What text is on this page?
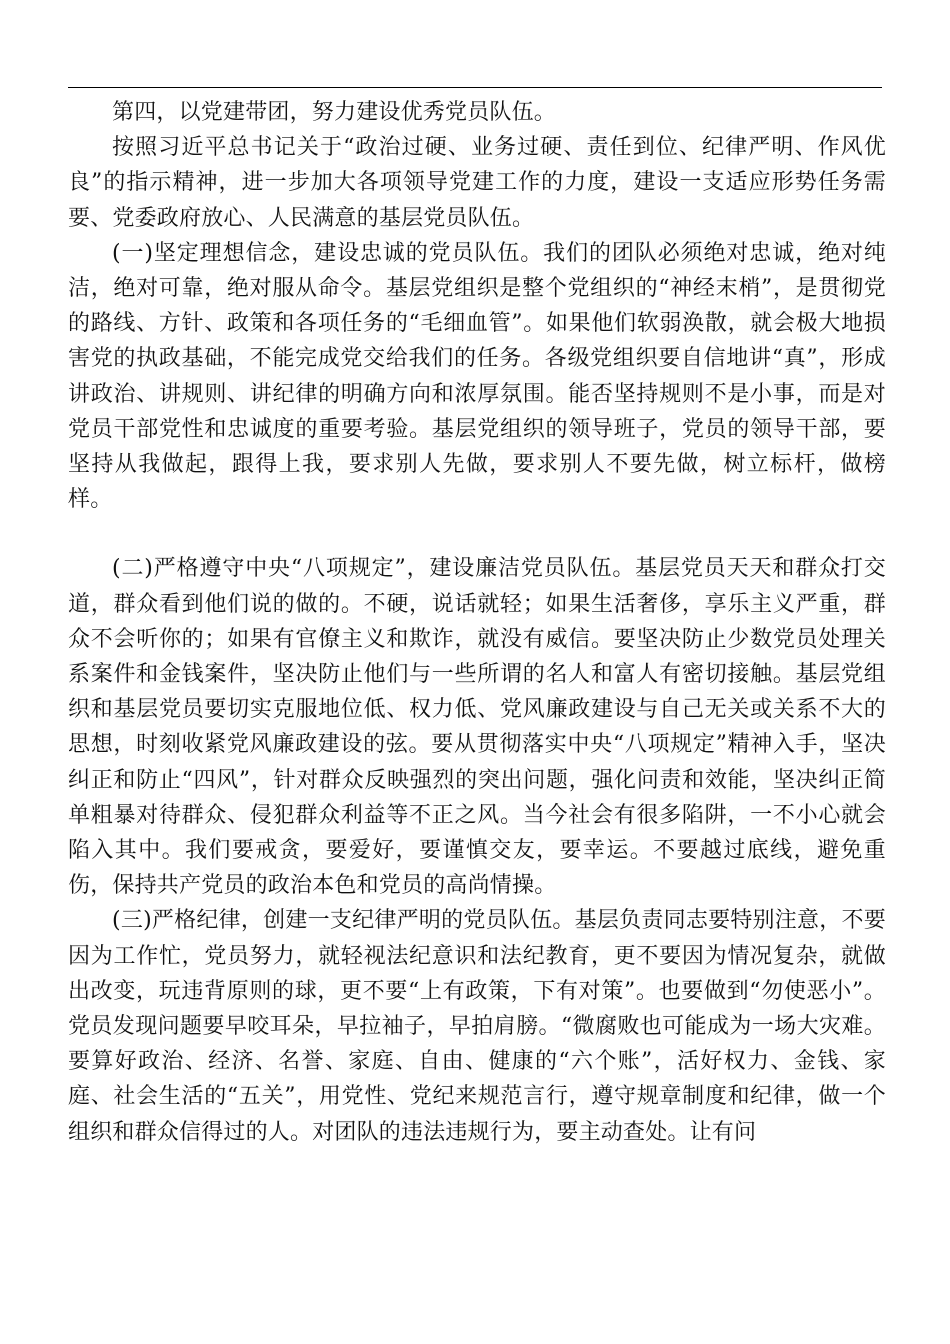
第四，以党建带团，努力建设优秀党员队伍。

按照习近平总书记关于“政治过硬、业务过硬、责任到位、纪律严明、作风优良”的指示精神，进一步加大各项领导党建工作的力度，建设一支适应形势任务需要、党委政府放心、人民满意的基层党员队伍。

(一)坚定理想信念，建设忠诚的党员队伍。我们的团队必须绝对忠诚，绝对纯洁，绝对可靠，绝对服从命令。基层党组织是整个党组织的“神经末梢”，是贯彻党的路线、方针、政策和各项任务的“毛细血管”。如果他们软弱涣散，就会极大地损害党的执政基础，不能完成党交给我们的任务。各级党组织要自信地讲“真”，形成讲政治、讲规则、讲纪律的明确方向和浓厚氛围。能否坚持规则不是小事，而是对党员干部党性和忠诚度的重要考验。基层党组织的领导班子，党员的领导干部，要坚持从我做起，跟得上我，要求别人先做，要求别人不要先做，树立标杆，做榜样。

(二)严格遵守中央“八项规定”，建设廉洁党员队伍。基层党员天天和群众打交道，群众看到他们说的做的。不硬，说话就轻；如果生活奢侈，享乐主义严重，群众不会听你的；如果有官僚主义和欺诈，就没有威信。要坚决防止少数党员处理关系案件和金钱案件，坚决防止他们与一些所谓的名人和富人有密切接触。基层党组织和基层党员要切实克服地位低、权力低、党风廉政建设与自己无关或关系不大的思想，时刻收紧党风廉政建设的弦。要从贯彻落实中央“八项规定”精神入手，坚决纠正和防止“四风”，针对群众反映强烈的突出问题，强化问责和效能，坚决纠正简单粗暴对待群众、侵犯群众利益等不正之风。当今社会有很多陷阱，一不小心就会陷入其中。我们要戒贪，要爱好，要谨慎交友，要幸运。不要越过底线，避免重伤，保持共产党员的政治本色和党员的高尚情操。

(三)严格纪律，创建一支纪律严明的党员队伍。基层负责同志要特别注意，不要因为工作忙，党员努力，就轻视法纪意识和法纪教育，更不要因为情况复杂，就做出改变，玩违背原则的球，更不要“上有政策，下有对策”。也要做到“勿使恶小”。党员发现问题要早咬耳朵，早拉袖子，早拍肩膀。“微腐败也可能成为一场大灾难。要算好政治、经济、名誉、家庭、自由、健康的“六个账”，活好权力、金钱、家庭、社会生活的“五关”，用党性、党纪来规范言行，遵守规章制度和纪律，做一个组织和群众信得过的人。对团队的违法违规行为，要主动查处。让有问
